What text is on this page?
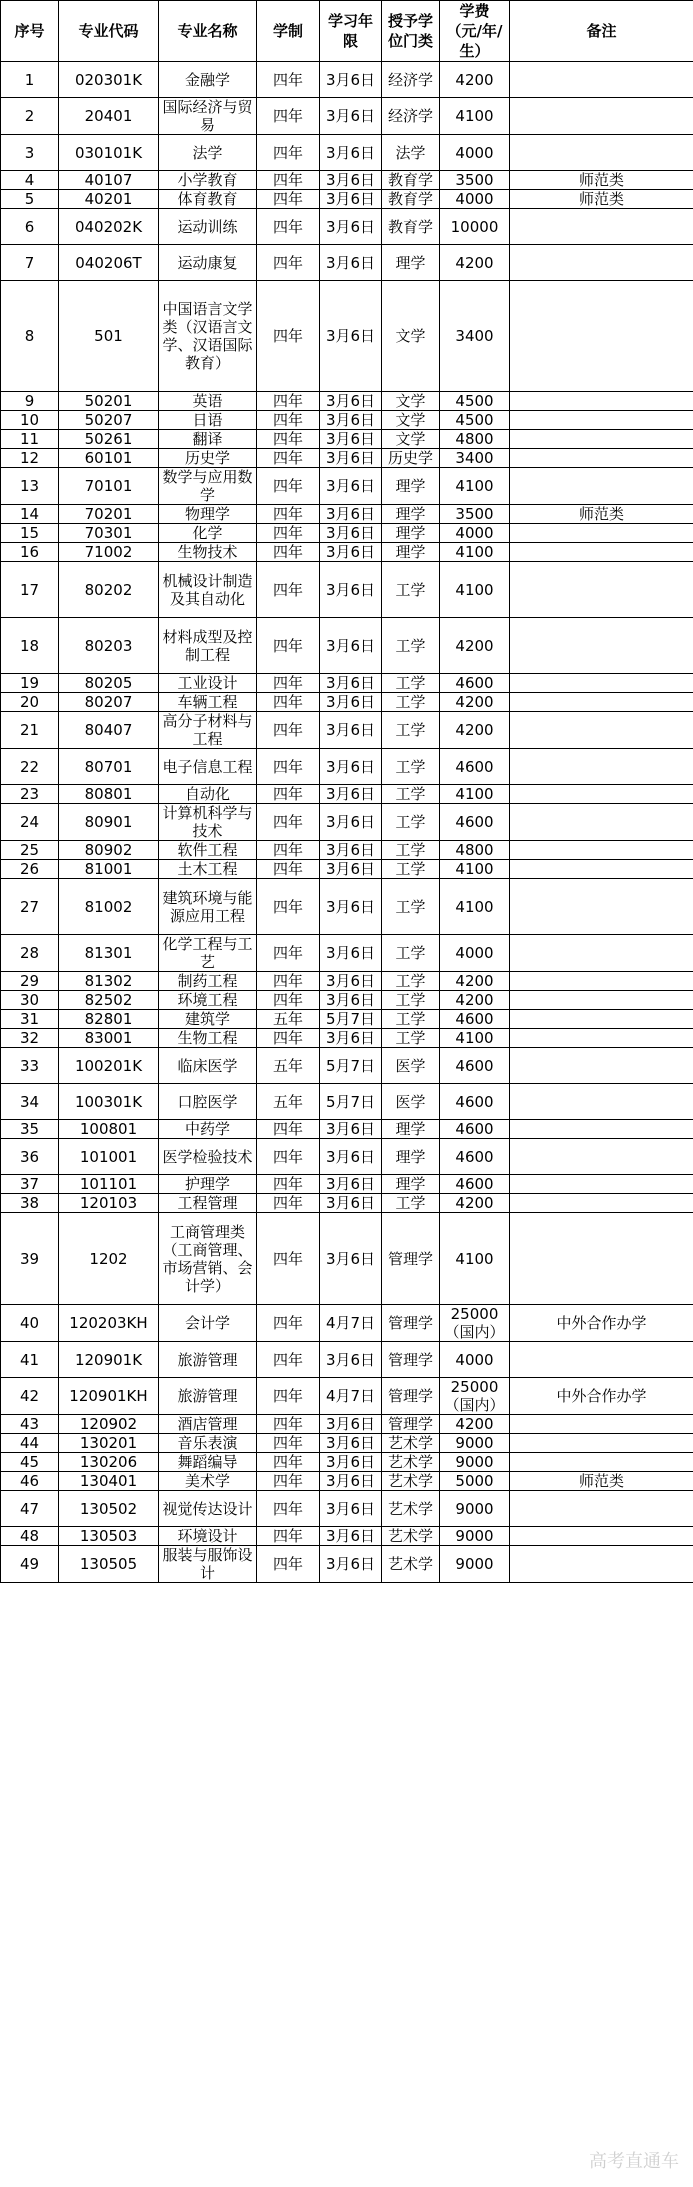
序号	专业代码	专业名称	学制	学习年限	授予学位门类	学费（元/年/生）	备注
1	020301K	金融学	四年	3月6日	经济学	4200	
2	20401	国际经济与贸易	四年	3月6日	经济学	4100	
3	030101K	法学	四年	3月6日	法学	4000	
4	40107	小学教育	四年	3月6日	教育学	3500	师范类
5	40201	体育教育	四年	3月6日	教育学	4000	师范类
6	040202K	运动训练	四年	3月6日	教育学	10000	
7	040206T	运动康复	四年	3月6日	理学	4200	
8	501	中国语言文学类（汉语言文学、汉语国际教育）	四年	3月6日	文学	3400	
9	50201	英语	四年	3月6日	文学	4500	
10	50207	日语	四年	3月6日	文学	4500	
11	50261	翻译	四年	3月6日	文学	4800	
12	60101	历史学	四年	3月6日	历史学	3400	
13	70101	数学与应用数学	四年	3月6日	理学	4100	
14	70201	物理学	四年	3月6日	理学	3500	师范类
15	70301	化学	四年	3月6日	理学	4000	
16	71002	生物技术	四年	3月6日	理学	4100	
17	80202	机械设计制造及其自动化	四年	3月6日	工学	4100	
18	80203	材料成型及控制工程	四年	3月6日	工学	4200	
19	80205	工业设计	四年	3月6日	工学	4600	
20	80207	车辆工程	四年	3月6日	工学	4200	
21	80407	高分子材料与工程	四年	3月6日	工学	4200	
22	80701	电子信息工程	四年	3月6日	工学	4600	
23	80801	自动化	四年	3月6日	工学	4100	
24	80901	计算机科学与技术	四年	3月6日	工学	4600	
25	80902	软件工程	四年	3月6日	工学	4800	
26	81001	土木工程	四年	3月6日	工学	4100	
27	81002	建筑环境与能源应用工程	四年	3月6日	工学	4100	
28	81301	化学工程与工艺	四年	3月6日	工学	4000	
29	81302	制药工程	四年	3月6日	工学	4200	
30	82502	环境工程	四年	3月6日	工学	4200	
31	82801	建筑学	五年	5月7日	工学	4600	
32	83001	生物工程	四年	3月6日	工学	4100	
33	100201K	临床医学	五年	5月7日	医学	4600	
34	100301K	口腔医学	五年	5月7日	医学	4600	
35	100801	中药学	四年	3月6日	理学	4600	
36	101001	医学检验技术	四年	3月6日	理学	4600	
37	101101	护理学	四年	3月6日	理学	4600	
38	120103	工程管理	四年	3月6日	工学	4200	
39	1202	工商管理类（工商管理、市场营销、会计学）	四年	3月6日	管理学	4100	
40	120203KH	会计学	四年	4月7日	管理学	25000（国内）	中外合作办学
41	120901K	旅游管理	四年	3月6日	管理学	4000	
42	120901KH	旅游管理	四年	4月7日	管理学	25000（国内）	中外合作办学
43	120902	酒店管理	四年	3月6日	管理学	4200	
44	130201	音乐表演	四年	3月6日	艺术学	9000	
45	130206	舞蹈编导	四年	3月6日	艺术学	9000	
46	130401	美术学	四年	3月6日	艺术学	5000	师范类
47	130502	视觉传达设计	四年	3月6日	艺术学	9000	
48	130503	环境设计	四年	3月6日	艺术学	9000	
49	130505	服装与服饰设计	四年	3月6日	艺术学	9000	
高考直通车
